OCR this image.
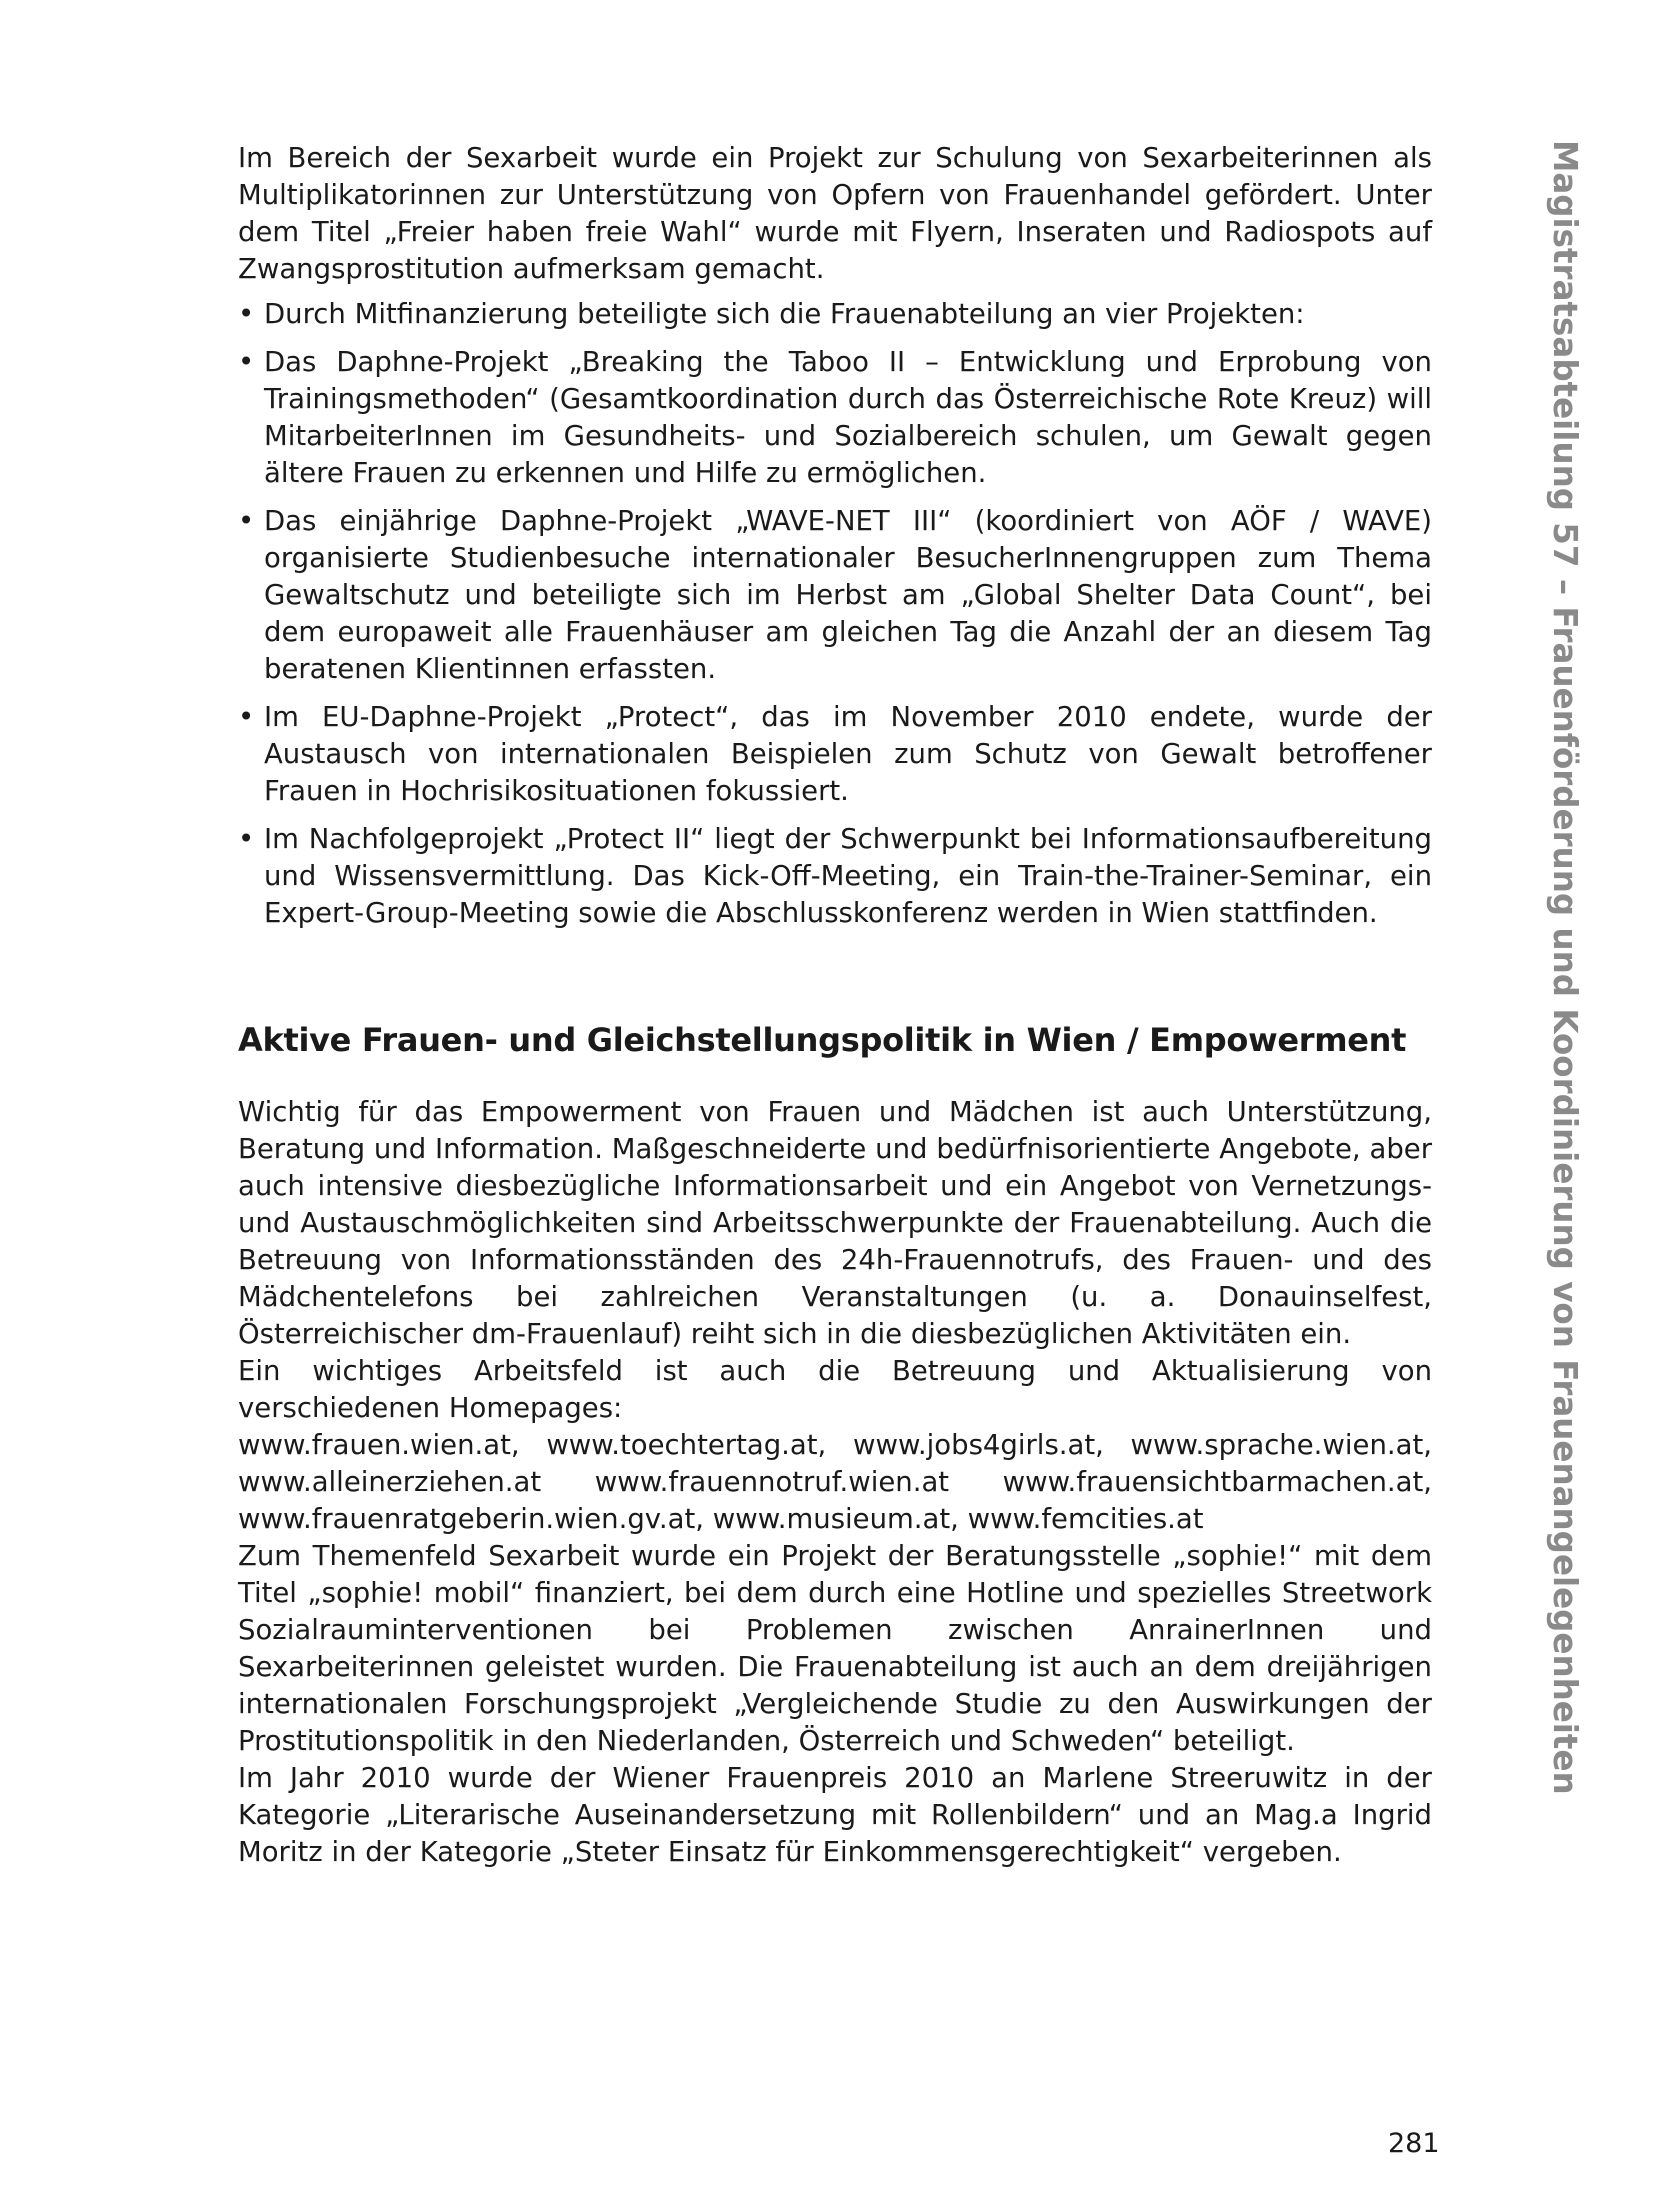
Im Bereich der Sexarbeit wurde ein Projekt zur Schulung von Sexarbeiterinnen als Multiplikatorinnen zur Unterstützung von Opfern von Frauenhandel gefördert. Unter dem Titel „Freier haben freie Wahl“ wurde mit Flyern, Inseraten und Radiospots auf Zwangsprostitution aufmerksam gemacht.

• Durch Mitfinanzierung beteiligte sich die Frauenabteilung an vier Projekten:
• Das Daphne-Projekt „Breaking the Taboo II – Entwicklung und Erprobung von Trainingsmethoden“ (Gesamtkoordination durch das Österreichische Rote Kreuz) will MitarbeiterInnen im Gesundheits- und Sozialbereich schulen, um Gewalt gegen ältere Frauen zu erkennen und Hilfe zu ermöglichen.
• Das einjährige Daphne-Projekt „WAVE-NET III“ (koordiniert von AÖF / WAVE) organisierte Studienbesuche internationaler BesucherInnengruppen zum Thema Gewaltschutz und beteiligte sich im Herbst am „Global Shelter Data Count“, bei dem europaweit alle Frauenhäuser am gleichen Tag die Anzahl der an diesem Tag beratenen Klientinnen erfassten.
• Im EU-Daphne-Projekt „Protect“, das im November 2010 endete, wurde der Austausch von internationalen Beispielen zum Schutz von Gewalt betroffener Frauen in Hochrisikosituationen fokussiert.
• Im Nachfolgeprojekt „Protect II“ liegt der Schwerpunkt bei Informationsaufbereitung und Wissensvermittlung. Das Kick-Off-Meeting, ein Train-the-Trainer-Seminar, ein Expert-Group-Meeting sowie die Abschlusskonferenz werden in Wien stattfinden.
Aktive Frauen- und Gleichstellungspolitik in Wien / Empowerment

Wichtig für das Empowerment von Frauen und Mädchen ist auch Unterstützung, Beratung und Information. Maßgeschneiderte und bedürfnisorientierte Angebote, aber auch intensive diesbezügliche Informationsarbeit und ein Angebot von Vernetzungs- und Austauschmöglichkeiten sind Arbeitsschwerpunkte der Frauenabteilung. Auch die Betreuung von Informationsständen des 24h-Frauennotrufs, des Frauen- und des Mädchentelefons bei zahlreichen Veranstaltungen (u. a. Donauinselfest, Österreichischer dm-Frauenlauf) reiht sich in die diesbezüglichen Aktivitäten ein.

Ein wichtiges Arbeitsfeld ist auch die Betreuung und Aktualisierung von verschiedenen Homepages:

www.frauen.wien.at, www.toechtertag.at, www.jobs4girls.at, www.sprache.wien.at, www.alleinerziehen.at www.frauennotruf.wien.at www.frauensichtbarmachen.at, www.frauenratgeberin.wien.gv.at, www.musieum.at, www.femcities.at

Zum Themenfeld Sexarbeit wurde ein Projekt der Beratungsstelle „sophie!“ mit dem Titel „sophie! mobil“ finanziert, bei dem durch eine Hotline und spezielles Streetwork Sozialrauminterventionen bei Problemen zwischen AnrainerInnen und Sexarbeiterinnen geleistet wurden. Die Frauenabteilung ist auch an dem dreijährigen internationalen Forschungsprojekt „Vergleichende Studie zu den Auswirkungen der Prostitutionspolitik in den Niederlanden, Österreich und Schweden“ beteiligt.

Im Jahr 2010 wurde der Wiener Frauenpreis 2010 an Marlene Streeruwitz in der Kategorie „Literarische Auseinandersetzung mit Rollenbildern“ und an Mag.a Ingrid Moritz in der Kategorie „Steter Einsatz für Einkommensgerechtigkeit“ vergeben.

Magistratsabteilung 57 – Frauenförderung und Koordinierung von Frauenangelegenheiten
281
